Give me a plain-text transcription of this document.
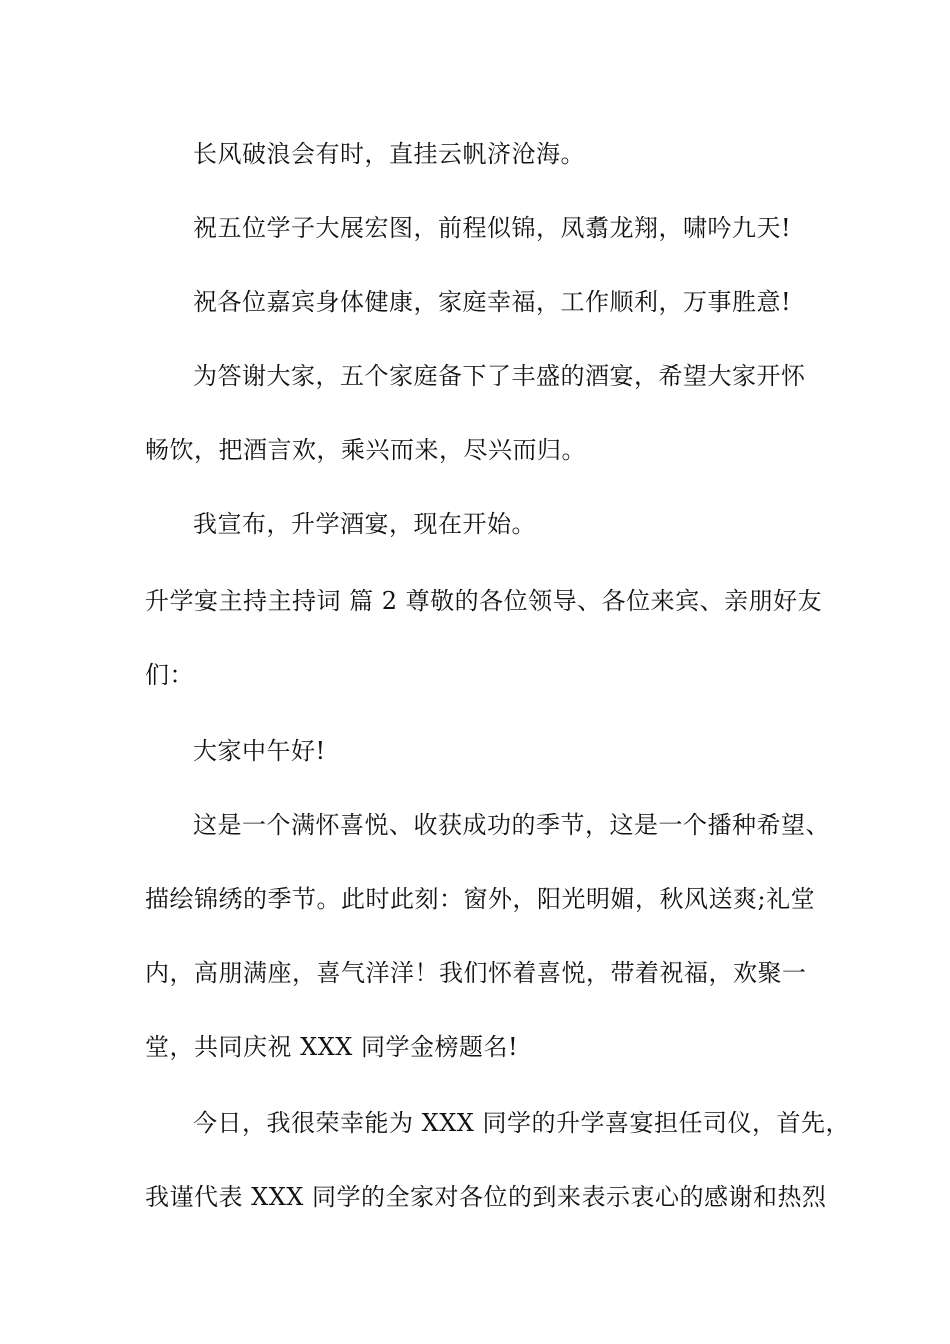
长风破浪会有时，直挂云帆济沧海。
祝五位学子大展宏图，前程似锦，凤翥龙翔，啸吟九天!
祝各位嘉宾身体健康，家庭幸福，工作顺利，万事胜意!
为答谢大家，五个家庭备下了丰盛的酒宴，希望大家开怀
畅饮，把酒言欢，乘兴而来，尽兴而归。
我宣布，升学酒宴，现在开始。
升学宴主持主持词 篇 2 尊敬的各位领导、各位来宾、亲朋好友
们：
大家中午好!
这是一个满怀喜悦、收获成功的季节，这是一个播种希望、
描绘锦绣的季节。此时此刻：窗外，阳光明媚，秋风送爽;礼堂
内，高朋满座，喜气洋洋！我们怀着喜悦，带着祝福，欢聚一
堂，共同庆祝 XXX 同学金榜题名!
今日，我很荣幸能为 XXX 同学的升学喜宴担任司仪，首先，
我谨代表 XXX 同学的全家对各位的到来表示衷心的感谢和热烈
